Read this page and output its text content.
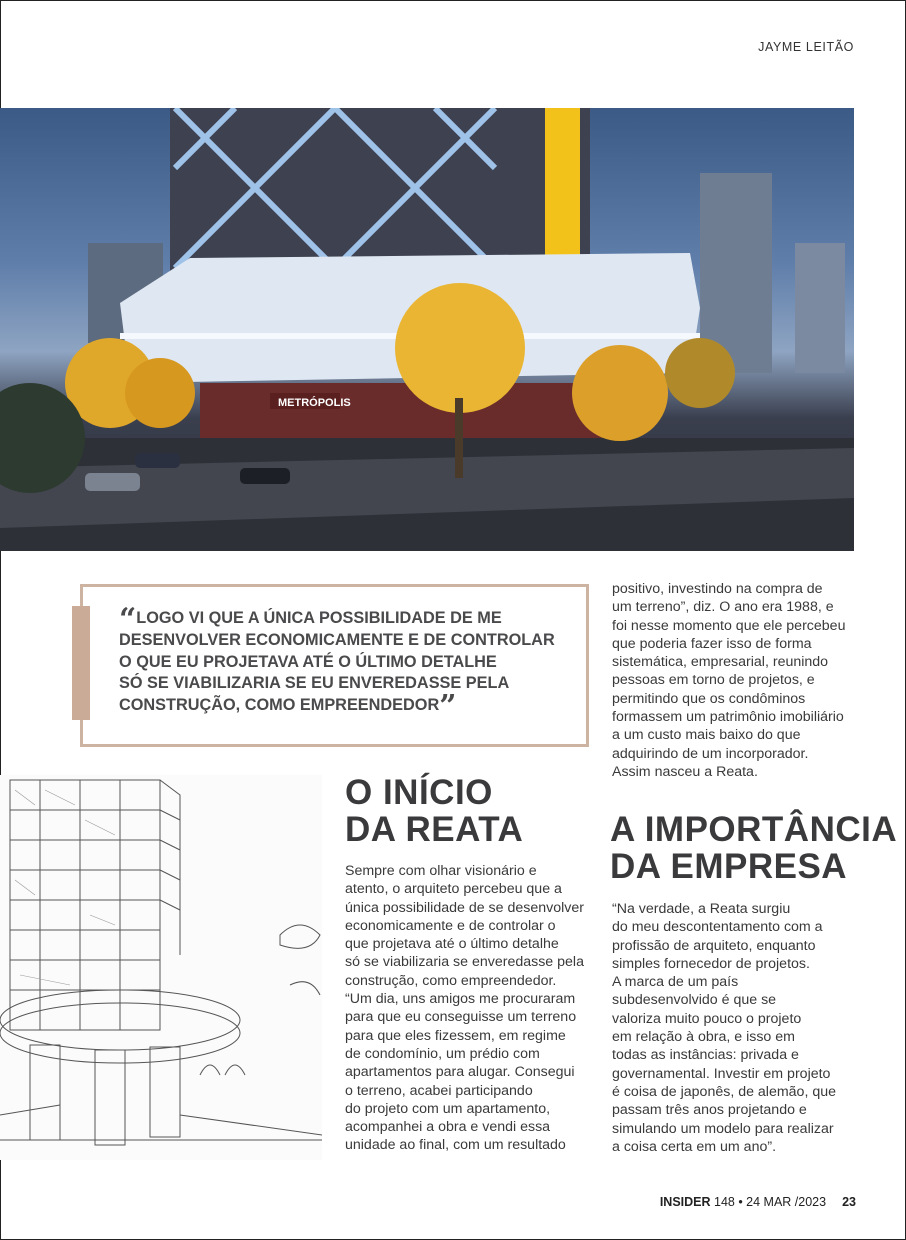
JAYME LEITÃO
METRÓPOLIS
“LOGO VI QUE A ÚNICA POSSIBILIDADE DE ME
DESENVOLVER ECONOMICAMENTE E DE CONTROLAR
O QUE EU PROJETAVA ATÉ O ÚLTIMO DETALHE
SÓ SE VIABILIZARIA SE EU ENVEREDASSE PELA
CONSTRUÇÃO, COMO EMPREENDEDOR”
O INÍCIO
DA REATA
Sempre com olhar visionário e
atento, o arquiteto percebeu que a
única possibilidade de se desenvolver
economicamente e de controlar o
que projetava até o último detalhe
só se viabilizaria se enveredasse pela
construção, como empreendedor.
“Um dia, uns amigos me procuraram
para que eu conseguisse um terreno
para que eles fizessem, em regime
de condomínio, um prédio com
apartamentos para alugar. Consegui
o terreno, acabei participando
do projeto com um apartamento,
acompanhei a obra e vendi essa
unidade ao final, com um resultado
positivo, investindo na compra de
um terreno”, diz. O ano era 1988, e
foi nesse momento que ele percebeu
que poderia fazer isso de forma
sistemática, empresarial, reunindo
pessoas em torno de projetos, e
permitindo que os condôminos
formassem um patrimônio imobiliário
a um custo mais baixo do que
adquirindo de um incorporador.
Assim nasceu a Reata.
A IMPORTÂNCIA
DA EMPRESA
“Na verdade, a Reata surgiu
do meu descontentamento com a
profissão de arquiteto, enquanto
simples fornecedor de projetos.
A marca de um país
subdesenvolvido é que se
valoriza muito pouco o projeto
em relação à obra, e isso em
todas as instâncias: privada e
governamental. Investir em projeto
é coisa de japonês, de alemão, que
passam três anos projetando e
simulando um modelo para realizar
a coisa certa em um ano”.
INSIDER 148 • 24 MAR /2023 23
